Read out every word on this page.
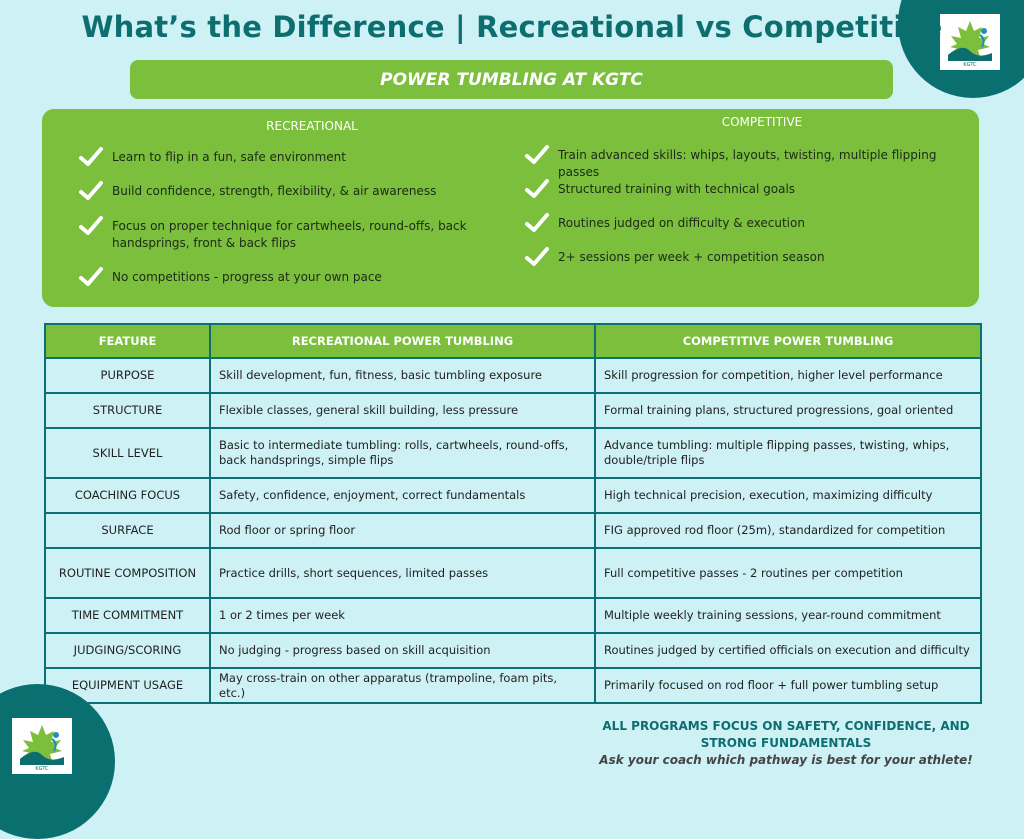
KGTC
KGTC
What’s the Difference | Recreational vs Competitive
POWER TUMBLING AT KGTC
RECREATIONAL	COMPETITIVE
Learn to flip in a fun, safe environment
Build confidence, strength, flexibility, & air awareness
Focus on proper technique for cartwheels, round-offs, back handsprings, front & back flips
No competitions - progress at your own pace
Train advanced skills: whips, layouts, twisting, multiple flipping passes
Structured training with technical goals
Routines judged on difficulty & execution
2+ sessions per week + competition season
FEATURE	RECREATIONAL POWER TUMBLING	COMPETITIVE POWER TUMBLING
PURPOSE	Skill development, fun, fitness, basic tumbling exposure	Skill progression for competition, higher level performance
STRUCTURE	Flexible classes, general skill building, less pressure	Formal training plans, structured progressions, goal oriented
SKILL LEVEL	Basic to intermediate tumbling: rolls, cartwheels, round-offs, back handsprings, simple flips	Advance tumbling: multiple flipping passes, twisting, whips, double/triple flips
COACHING FOCUS	Safety, confidence, enjoyment, correct fundamentals	High technical precision, execution, maximizing difficulty
SURFACE	Rod floor or spring floor	FIG approved rod floor (25m), standardized for competition
ROUTINE COMPOSITION	Practice drills, short sequences, limited passes	Full competitive passes - 2 routines per competition
TIME COMMITMENT	1 or 2 times per week	Multiple weekly training sessions, year-round commitment
JUDGING/SCORING	No judging - progress based on skill acquisition	Routines judged by certified officials on execution and difficulty
EQUIPMENT USAGE	May cross-train on other apparatus (trampoline, foam pits, etc.)	Primarily focused on rod floor + full power tumbling setup
ALL PROGRAMS FOCUS ON SAFETY, CONFIDENCE, AND STRONG FUNDAMENTALS
Ask your coach which pathway is best for your athlete!
